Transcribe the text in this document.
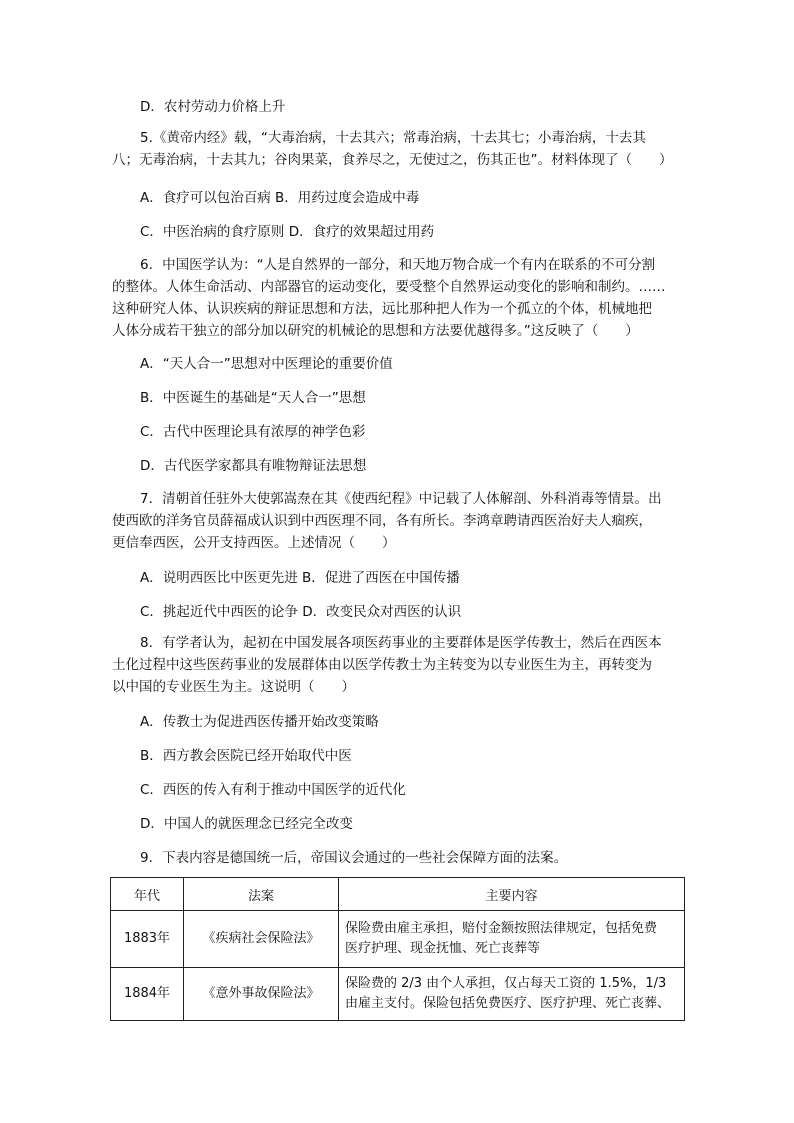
D．农村劳动力价格上升
5.《黄帝内经》载，“大毒治病，十去其六；常毒治病，十去其七；小毒治病，十去其
八；无毒治病，十去其九；谷肉果菜，食养尽之，无使过之，伤其正也”。材料体现了（　　）
A．食疗可以包治百病 B．用药过度会造成中毒
C．中医治病的食疗原则 D．食疗的效果超过用药
6．中国医学认为：“人是自然界的一部分，和天地万物合成一个有内在联系的不可分割
的整体。人体生命活动、内部器官的运动变化，要受整个自然界运动变化的影响和制约。……
这种研究人体、认识疾病的辩证思想和方法，远比那种把人作为一个孤立的个体，机械地把
人体分成若干独立的部分加以研究的机械论的思想和方法要优越得多。”这反映了（　　）
A．“天人合一”思想对中医理论的重要价值
B．中医诞生的基础是“天人合一”思想
C．古代中医理论具有浓厚的神学色彩
D．古代医学家都具有唯物辩证法思想
7．清朝首任驻外大使郭嵩焘在其《使西纪程》中记载了人体解剖、外科消毒等情景。出
使西欧的洋务官员薛福成认识到中西医理不同，各有所长。李鸿章聘请西医治好夫人痼疾，
更信奉西医，公开支持西医。上述情况（　　）
A．说明西医比中医更先进 B．促进了西医在中国传播
C．挑起近代中西医的论争 D．改变民众对西医的认识
8．有学者认为，起初在中国发展各项医药事业的主要群体是医学传教士，然后在西医本
土化过程中这些医药事业的发展群体由以医学传教士为主转变为以专业医生为主，再转变为
以中国的专业医生为主。这说明（　　）
A．传教士为促进西医传播开始改变策略
B．西方教会医院已经开始取代中医
C．西医的传入有利于推动中国医学的近代化
D．中国人的就医理念已经完全改变
9．下表内容是德国统一后，帝国议会通过的一些社会保障方面的法案。
年代	法案	主要内容
1883年	《疾病社会保险法》	保险费由雇主承担，赔付金额按照法律规定，包括免费
医疗护理、现金抚恤、死亡丧葬等

1884年	《意外事故保险法》	保险费的 2/3 由个人承担，仅占每天工资的 1.5%，1/3
由雇主支付。保险包括免费医疗、医疗护理、死亡丧葬、
